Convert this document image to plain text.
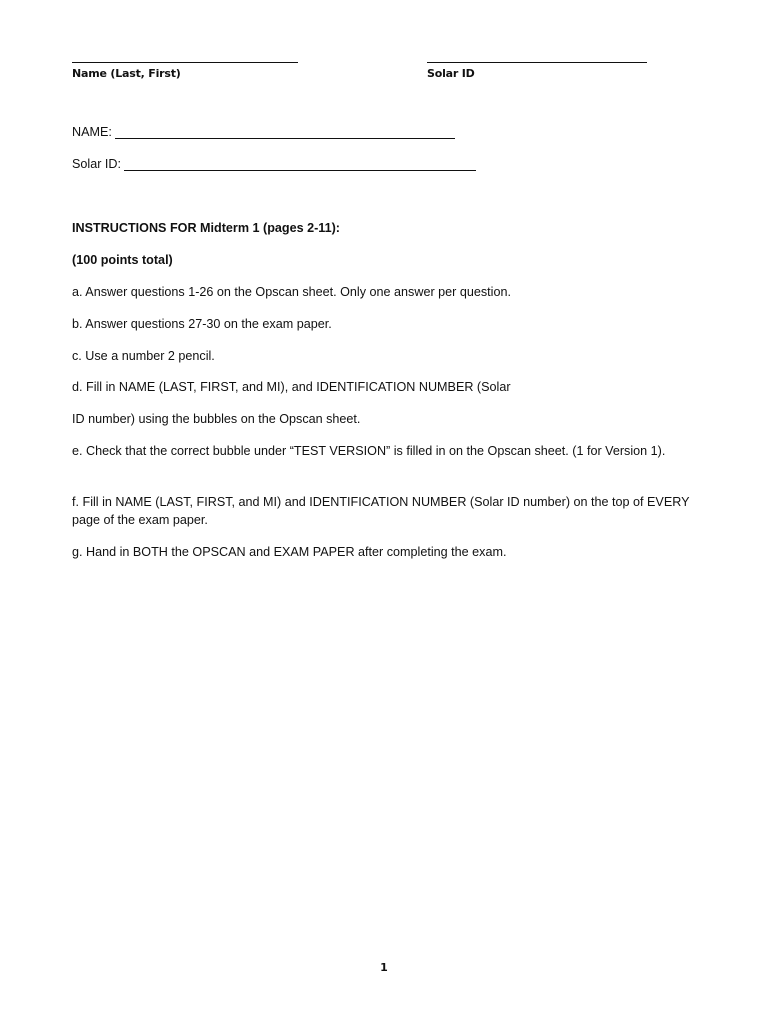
Name (Last, First)	Solar ID
NAME:
Solar ID:
INSTRUCTIONS FOR Midterm 1 (pages 2-11):
(100 points total)
a. Answer questions 1-26 on the Opscan sheet. Only one answer per question.
b. Answer questions 27-30 on the exam paper.
c. Use a number 2 pencil.
d. Fill in NAME (LAST, FIRST, and MI), and IDENTIFICATION NUMBER (Solar
ID number) using the bubbles on the Opscan sheet.
e. Check that the correct bubble under “TEST VERSION” is filled in on the Opscan sheet. (1 for Version 1).
f. Fill in NAME (LAST, FIRST, and MI) and IDENTIFICATION NUMBER (Solar ID number) on the top of EVERY page of the exam paper.
g. Hand in BOTH the OPSCAN and EXAM PAPER after completing the exam.
1
